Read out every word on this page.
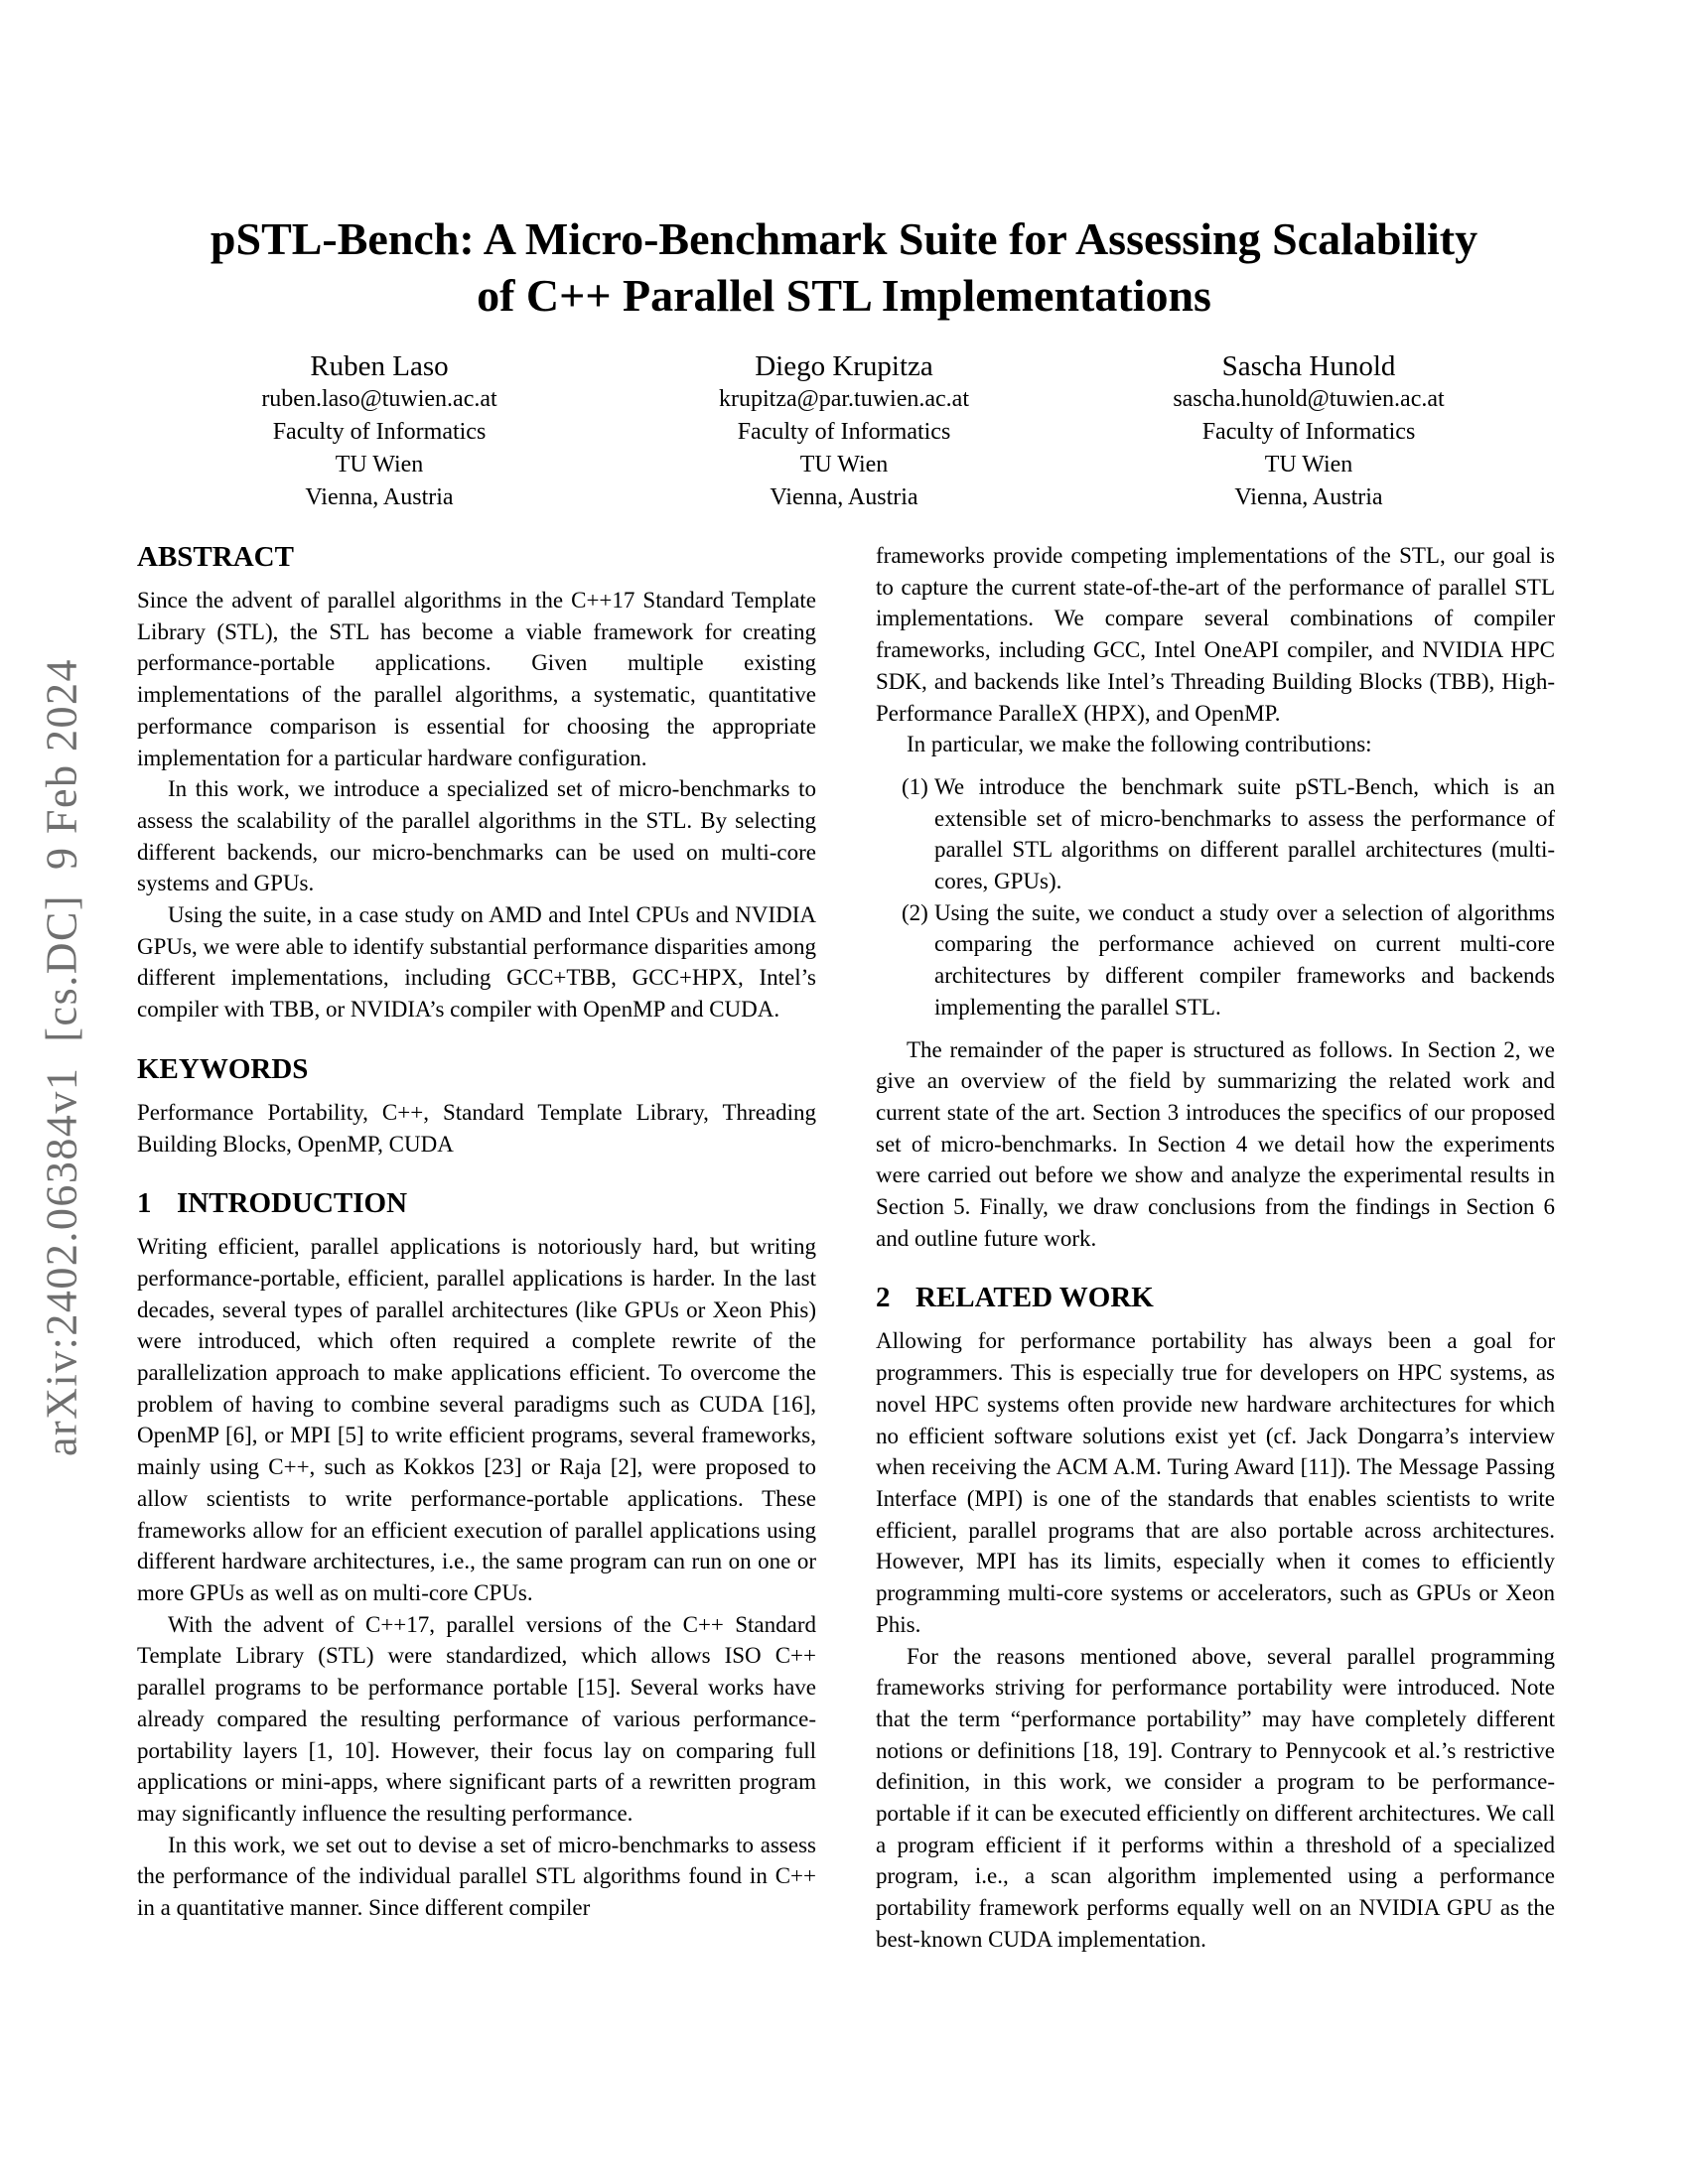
arXiv:2402.06384v1  [cs.DC]  9 Feb 2024
pSTL-Bench: A Micro-Benchmark Suite for Assessing Scalability
of C++ Parallel STL Implementations
Ruben Laso
ruben.laso@tuwien.ac.at
Faculty of Informatics
TU Wien
Vienna, Austria
Diego Krupitza
krupitza@par.tuwien.ac.at
Faculty of Informatics
TU Wien
Vienna, Austria
Sascha Hunold
sascha.hunold@tuwien.ac.at
Faculty of Informatics
TU Wien
Vienna, Austria
ABSTRACT

Since the advent of parallel algorithms in the C++17 Standard Template Library (STL), the STL has become a viable framework for creating performance-portable applications. Given multiple existing implementations of the parallel algorithms, a systematic, quantitative performance comparison is essential for choosing the appropriate implementation for a particular hardware configuration.

In this work, we introduce a specialized set of micro-benchmarks to assess the scalability of the parallel algorithms in the STL. By selecting different backends, our micro-benchmarks can be used on multi-core systems and GPUs.

Using the suite, in a case study on AMD and Intel CPUs and NVIDIA GPUs, we were able to identify substantial performance disparities among different implementations, including GCC+TBB, GCC+HPX, Intel’s compiler with TBB, or NVIDIA’s compiler with OpenMP and CUDA.

KEYWORDS

Performance Portability, C++, Standard Template Library, Threading Building Blocks, OpenMP, CUDA

1 INTRODUCTION

Writing efficient, parallel applications is notoriously hard, but writing performance-portable, efficient, parallel applications is harder. In the last decades, several types of parallel architectures (like GPUs or Xeon Phis) were introduced, which often required a complete rewrite of the parallelization approach to make applications efficient. To overcome the problem of having to combine several paradigms such as CUDA [16], OpenMP [6], or MPI [5] to write efficient programs, several frameworks, mainly using C++, such as Kokkos [23] or Raja [2], were proposed to allow scientists to write performance-portable applications. These frameworks allow for an efficient execution of parallel applications using different hardware architectures, i.e., the same program can run on one or more GPUs as well as on multi-core CPUs.

With the advent of C++17, parallel versions of the C++ Standard Template Library (STL) were standardized, which allows ISO C++ parallel programs to be performance portable [15]. Several works have already compared the resulting performance of various performance-portability layers [1, 10]. However, their focus lay on comparing full applications or mini-apps, where significant parts of a rewritten program may significantly influence the resulting performance.

In this work, we set out to devise a set of micro-benchmarks to assess the performance of the individual parallel STL algorithms found in C++ in a quantitative manner. Since different compiler

frameworks provide competing implementations of the STL, our goal is to capture the current state-of-the-art of the performance of parallel STL implementations. We compare several combinations of compiler frameworks, including GCC, Intel OneAPI compiler, and NVIDIA HPC SDK, and backends like Intel’s Threading Building Blocks (TBB), High-Performance ParalleX (HPX), and OpenMP.

In particular, we make the following contributions:

(1) We introduce the benchmark suite pSTL-Bench, which is an extensible set of micro-benchmarks to assess the performance of parallel STL algorithms on different parallel architectures (multi-cores, GPUs).
(2) Using the suite, we conduct a study over a selection of algorithms comparing the performance achieved on current multi-core architectures by different compiler frameworks and backends implementing the parallel STL.

The remainder of the paper is structured as follows. In Section 2, we give an overview of the field by summarizing the related work and current state of the art. Section 3 introduces the specifics of our proposed set of micro-benchmarks. In Section 4 we detail how the experiments were carried out before we show and analyze the experimental results in Section 5. Finally, we draw conclusions from the findings in Section 6 and outline future work.

2 RELATED WORK

Allowing for performance portability has always been a goal for programmers. This is especially true for developers on HPC systems, as novel HPC systems often provide new hardware architectures for which no efficient software solutions exist yet (cf. Jack Dongarra’s interview when receiving the ACM A.M. Turing Award [11]). The Message Passing Interface (MPI) is one of the standards that enables scientists to write efficient, parallel programs that are also portable across architectures. However, MPI has its limits, especially when it comes to efficiently programming multi-core systems or accelerators, such as GPUs or Xeon Phis.

For the reasons mentioned above, several parallel programming frameworks striving for performance portability were introduced. Note that the term “performance portability” may have completely different notions or definitions [18, 19]. Contrary to Pennycook et al.’s restrictive definition, in this work, we consider a program to be performance-portable if it can be executed efficiently on different architectures. We call a program efficient if it performs within a threshold of a specialized program, i.e., a scan algorithm implemented using a performance portability framework performs equally well on an NVIDIA GPU as the best-known CUDA implementation.
